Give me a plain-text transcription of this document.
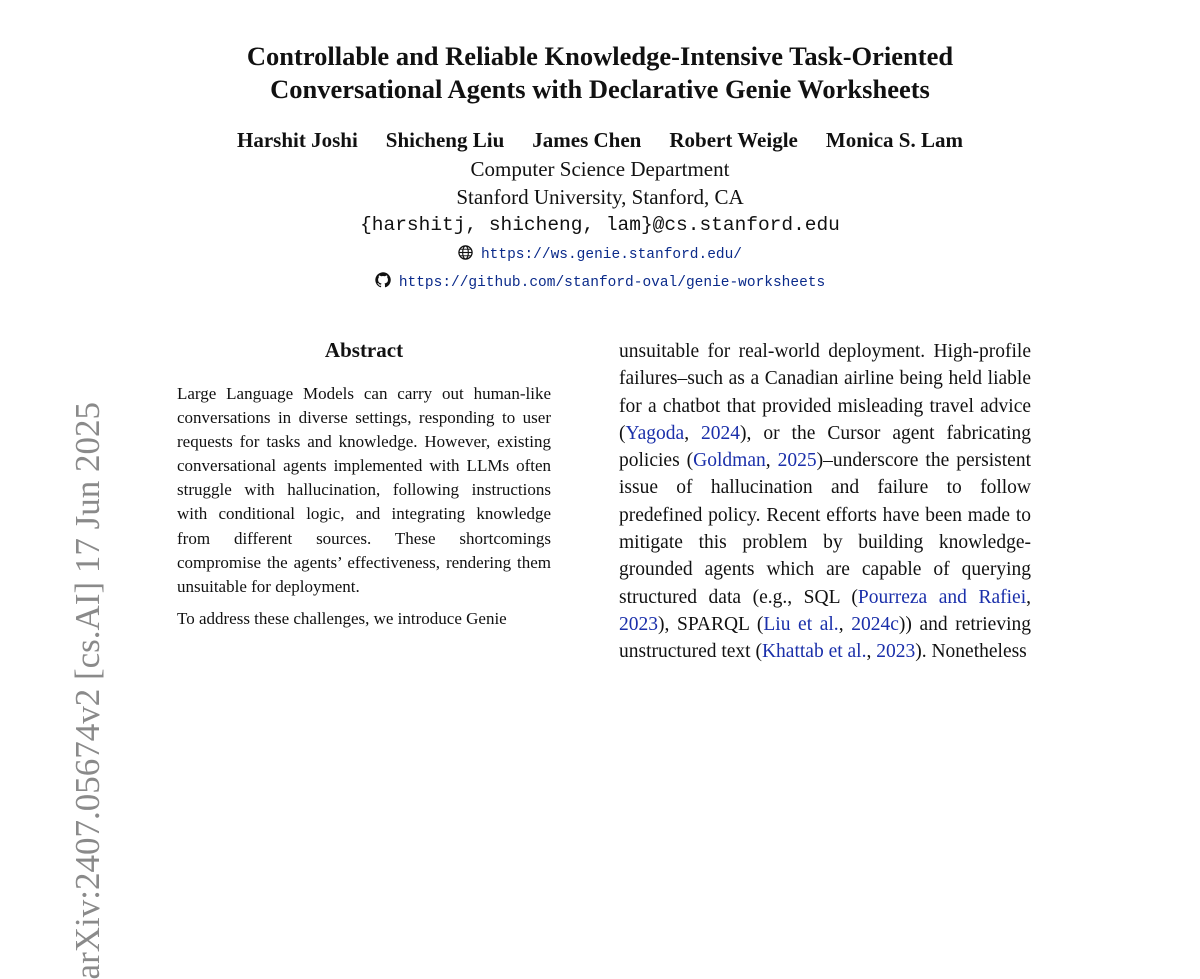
arXiv:2407.05674v2 [cs.AI] 17 Jun 2025
Controllable and Reliable Knowledge-Intensive Task-Oriented
Conversational Agents with Declarative Genie Worksheets
Harshit Joshi Shicheng Liu James Chen Robert Weigle Monica S. Lam
Computer Science Department
Stanford University, Stanford, CA
{harshitj, shicheng, lam}@cs.stanford.edu
https://ws.genie.stanford.edu/
https://github.com/stanford-oval/genie-worksheets
Abstract

Large Language Models can carry out human-like conversations in diverse settings, responding to user requests for tasks and knowledge. However, existing conversational agents implemented with LLMs often struggle with hallucination, following instructions with conditional logic, and integrating knowledge from different sources. These shortcomings compromise the agents’ effectiveness, rendering them unsuitable for deployment.

To address these challenges, we introduce Genie

unsuitable for real-world deployment. High-profile failures–such as a Canadian airline being held liable for a chatbot that provided misleading travel advice (Yagoda, 2024), or the Cursor agent fabricating policies (Goldman, 2025)–underscore the persistent issue of hallucination and failure to follow predefined policy. Recent efforts have been made to mitigate this problem by building knowledge-grounded agents which are capable of querying structured data (e.g., SQL (Pourreza and Rafiei, 2023), SPARQL (Liu et al., 2024c)) and retrieving unstructured text (Khattab et al., 2023). Nonetheless
